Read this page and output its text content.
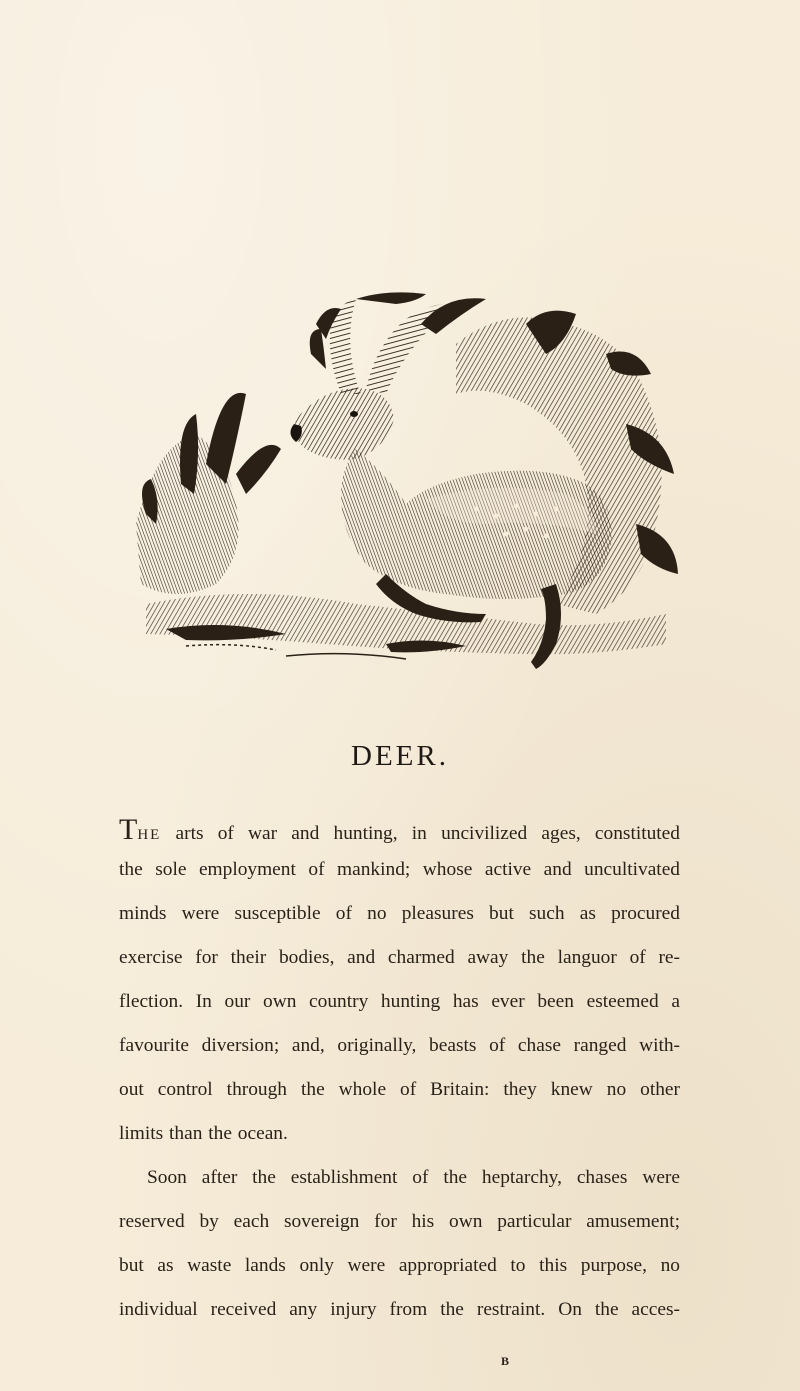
DEER.
THE arts of war and hunting, in uncivilized ages, constituted
the sole employment of mankind; whose active and uncultivated
minds were susceptible of no pleasures but such as procured
exercise for their bodies, and charmed away the languor of re-
flection. In our own country hunting has ever been esteemed a
favourite diversion; and, originally, beasts of chase ranged with-
out control through the whole of Britain: they knew no other
limits than the ocean.
Soon after the establishment of the heptarchy, chases were
reserved by each sovereign for his own particular amusement;
but as waste lands only were appropriated to this purpose, no
individual received any injury from the restraint. On the acces-
B
